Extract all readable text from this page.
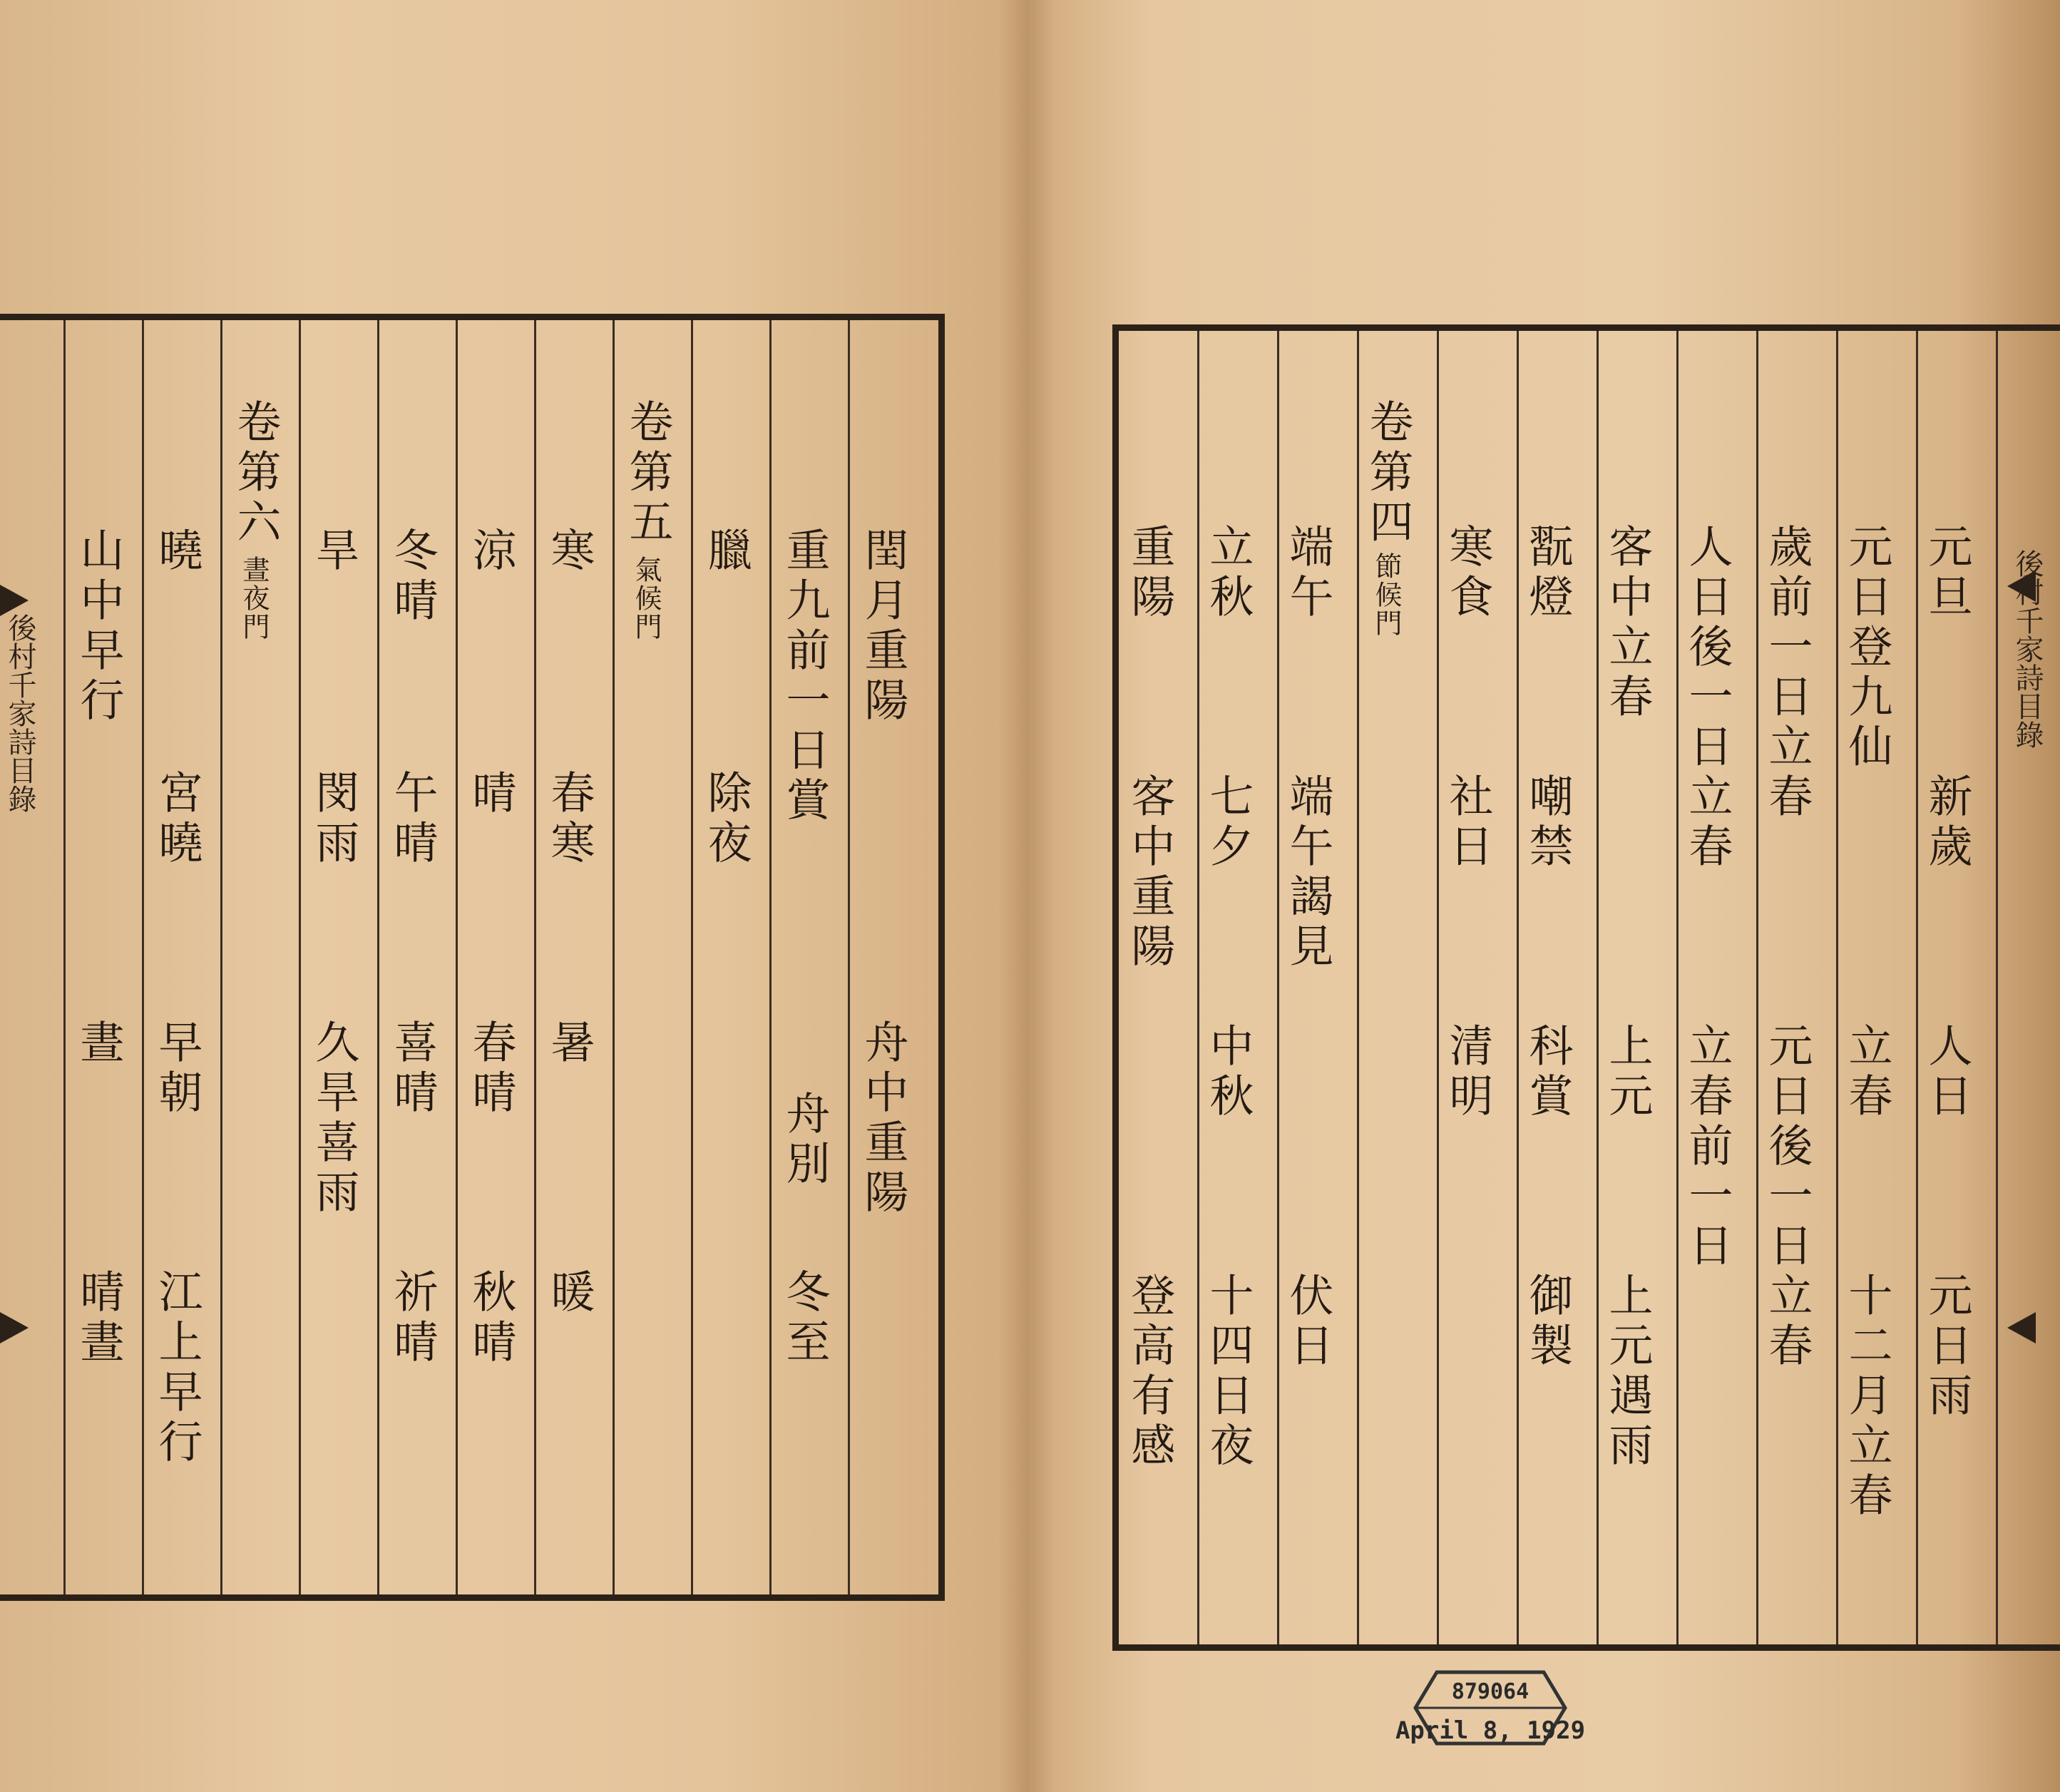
後村千家詩目錄	閏月重陽
舟中重陽
重九前一日賞
舟別
冬至
臘
除夜
卷第五
氣候門
寒
春寒
暑
暖
涼
晴
春晴
秋晴
冬晴
午晴
喜晴
祈晴
旱
閔雨
久旱喜雨
卷第六
晝夜門
曉
宮曉
早朝
江上早行
山中早行
晝
晴晝
後村千家詩目錄
元旦
新歲
人日
元日雨
元日登九仙
立春
十二月立春
歲前一日立春
元日後一日立春
人日後一日立春
立春前一日
客中立春
上元
上元遇雨
翫燈
嘲禁
科賞
御製
寒食
社日
清明
卷第四
節候門
端午
端午謁見
伏日
立秋
七夕
中秋
十四日夜
重陽
客中重陽
登高有感
879064
April 8, 1929
